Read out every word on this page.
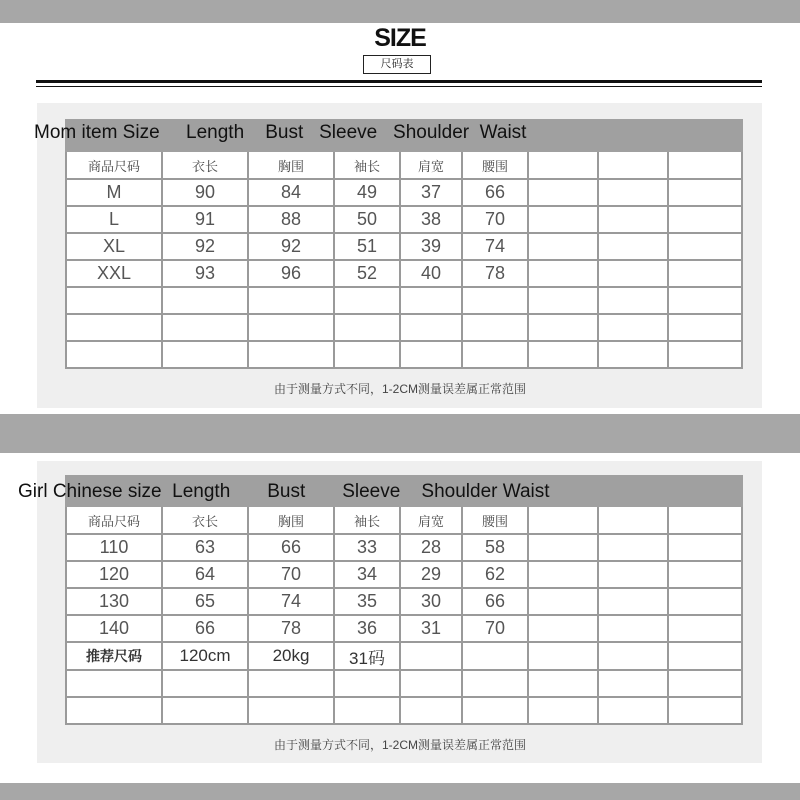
SIZE
尺码表

商品尺码	衣长	胸围	袖长	肩宽	腰围			
M	90	84	49	37	66			
L	91	88	50	38	70			
XL	92	92	51	39	74			
XXL	93	96	52	40	78			

Mom item Size     Length    Bust   Sleeve   Shoulder  Waist
由于测量方式不同，1-2CM测量误差属正常范围

商品尺码	衣长	胸围	袖长	肩宽	腰围			
110	63	66	33	28	58			
120	64	70	34	29	62			
130	65	74	35	30	66			
140	66	78	36	31	70			
推荐尺码	120cm	20kg	31码					

Girl Chinese size  Length       Bust       Sleeve    Shoulder Waist
由于测量方式不同，1-2CM测量误差属正常范围
